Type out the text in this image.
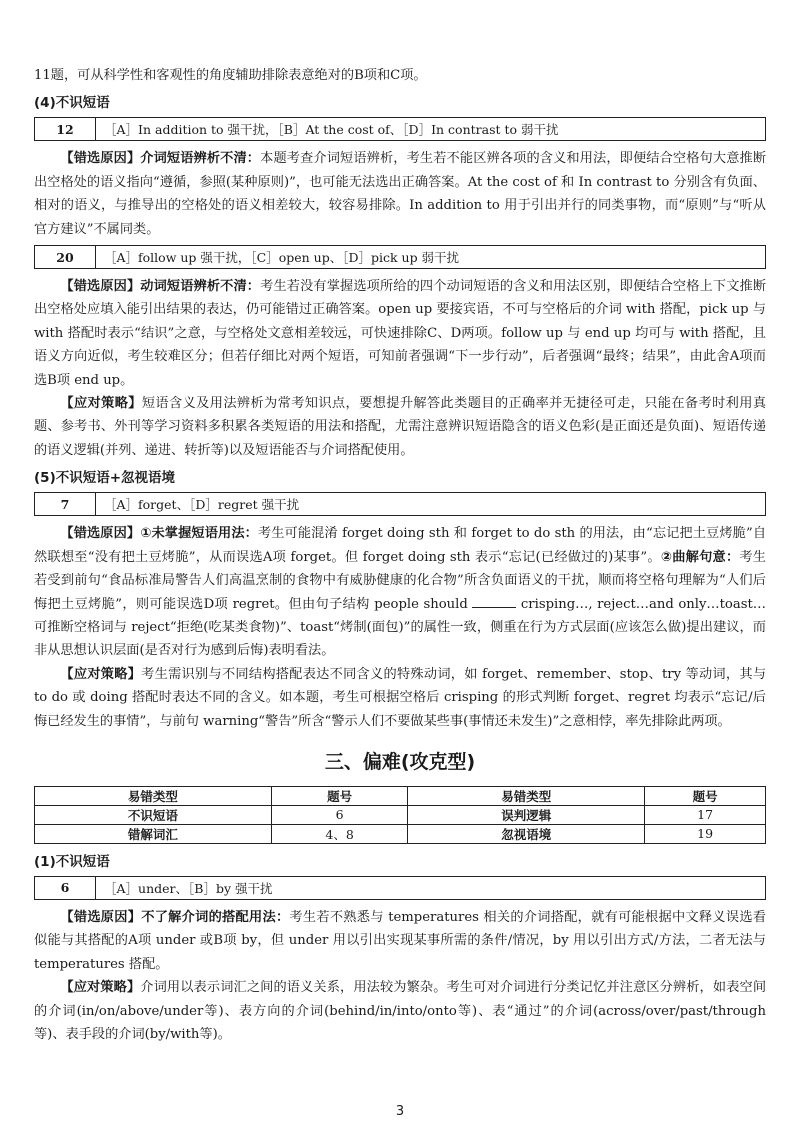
11题，可从科学性和客观性的角度辅助排除表意绝对的B项和C项。

(4)不识短语
12	［A］In addition to 强干扰，［B］At the cost of、［D］In contrast to 弱干扰

【错选原因】介词短语辨析不清：本题考查介词短语辨析，考生若不能区辨各项的含义和用法，即便结合空格句大意推断出空格处的语义指向“遵循，参照(某种原则)”，也可能无法选出正确答案。At the cost of 和 In contrast to 分别含有负面、相对的语义，与推导出的空格处的语义相差较大，较容易排除。In addition to 用于引出并行的同类事物，而“原则”与“听从官方建议”不属同类。

20	［A］follow up 强干扰，［C］open up、［D］pick up 弱干扰

【错选原因】动词短语辨析不清：考生若没有掌握选项所给的四个动词短语的含义和用法区别，即便结合空格上下文推断出空格处应填入能引出结果的表达，仍可能错过正确答案。open up 要接宾语，不可与空格后的介词 with 搭配，pick up 与 with 搭配时表示“结识”之意，与空格处文意相差较远，可快速排除C、D两项。follow up 与 end up 均可与 with 搭配，且语义方向近似，考生较难区分；但若仔细比对两个短语，可知前者强调“下一步行动”，后者强调“最终；结果”，由此舍A项而选B项 end up。

【应对策略】短语含义及用法辨析为常考知识点，要想提升解答此类题目的正确率并无捷径可走，只能在备考时利用真题、参考书、外刊等学习资料多积累各类短语的用法和搭配，尤需注意辨识短语隐含的语义色彩(是正面还是负面)、短语传递的语义逻辑(并列、递进、转折等)以及短语能否与介词搭配使用。

(5)不识短语+忽视语境
7	［A］forget、［D］regret 强干扰

【错选原因】①未掌握短语用法：考生可能混淆 forget doing sth 和 forget to do sth 的用法，由“忘记把土豆烤脆”自然联想至“没有把土豆烤脆”，从而误选A项 forget。但 forget doing sth 表示“忘记(已经做过的)某事”。②曲解句意：考生若受到前句“食品标准局警告人们高温烹制的食物中有威胁健康的化合物”所含负面语义的干扰，顺而将空格句理解为“人们后悔把土豆烤脆”，则可能误选D项 regret。但由句子结构 people should	crisping…, reject…and only…toast…可推断空格词与 reject“拒绝(吃某类食物)”、toast“烤制(面包)”的属性一致，侧重在行为方式层面(应该怎么做)提出建议，而非从思想认识层面(是否对行为感到后悔)表明看法。

【应对策略】考生需识别与不同结构搭配表达不同含义的特殊动词，如 forget、remember、stop、try 等动词，其与 to do 或 doing 搭配时表达不同的含义。如本题，考生可根据空格后 crisping 的形式判断 forget、regret 均表示“忘记/后悔已经发生的事情”，与前句 warning“警告”所含“警示人们不要做某些事(事情还未发生)”之意相悖，率先排除此两项。

三、偏难(攻克型)
易错类型	题号	易错类型	题号
不识短语	6	误判逻辑	17
错解词汇	4、8	忽视语境	19
(1)不识短语
6	［A］under、［B］by 强干扰

【错选原因】不了解介词的搭配用法：考生若不熟悉与 temperatures 相关的介词搭配，就有可能根据中文释义误选看似能与其搭配的A项 under 或B项 by，但 under 用以引出实现某事所需的条件/情况，by 用以引出方式/方法，二者无法与 temperatures 搭配。

【应对策略】介词用以表示词汇之间的语义关系，用法较为繁杂。考生可对介词进行分类记忆并注意区分辨析，如表空间的介词(in/on/above/under等)、表方向的介词(behind/in/into/onto等)、表“通过”的介词(across/over/past/through等)、表手段的介词(by/with等)。

3
